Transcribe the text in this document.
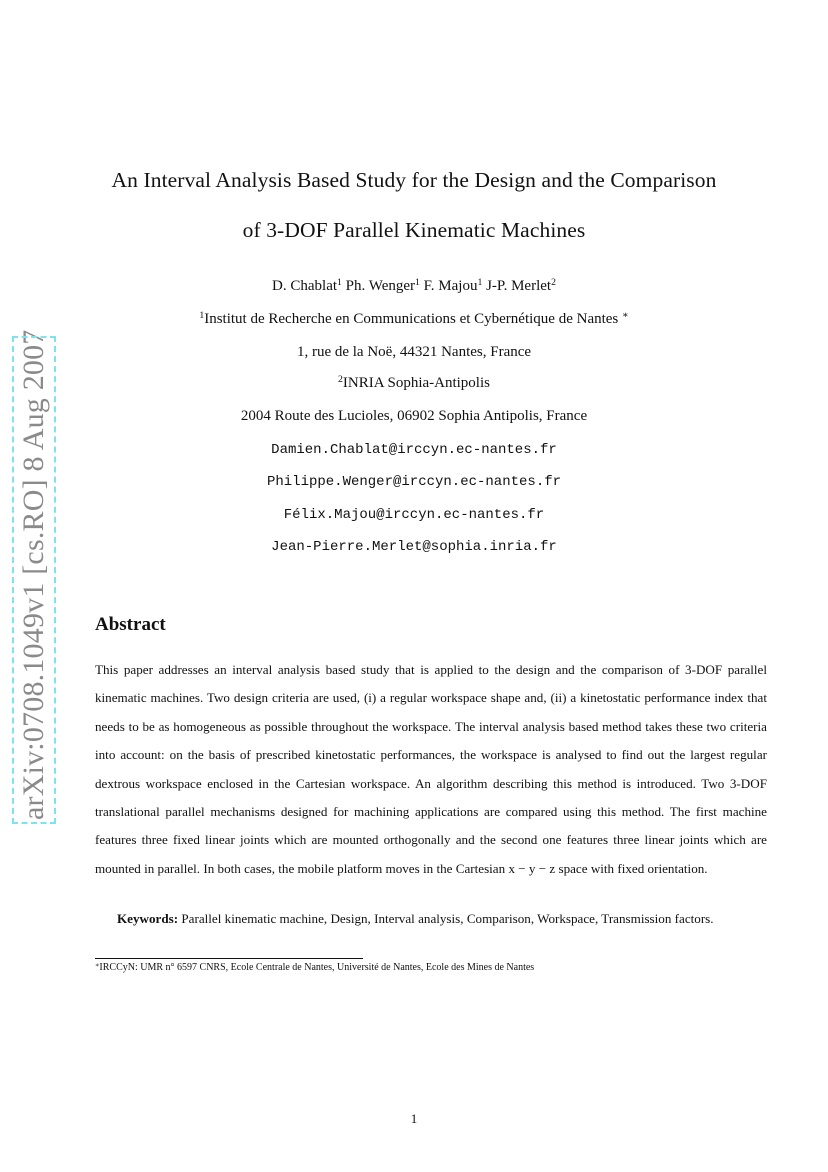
arXiv:0708.1049v1 [cs.RO] 8 Aug 2007
An Interval Analysis Based Study for the Design and the Comparison
of 3-DOF Parallel Kinematic Machines
D. Chablat$^1$ Ph. Wenger$^1$ F. Majou$^1$ J-P. Merlet$^2$
$^1$Institut de Recherche en Communications et Cybernétique de Nantes ∗
1, rue de la Noë, 44321 Nantes, France
$^2$INRIA Sophia-Antipolis
2004 Route des Lucioles, 06902 Sophia Antipolis, France
Damien.Chablat@irccyn.ec-nantes.fr
Philippe.Wenger@irccyn.ec-nantes.fr
Félix.Majou@irccyn.ec-nantes.fr
Jean-Pierre.Merlet@sophia.inria.fr
Abstract
This paper addresses an interval analysis based study that is applied to the design and the comparison of 3-DOF parallel kinematic machines. Two design criteria are used, (i) a regular workspace shape and, (ii) a kinetostatic performance index that needs to be as homogeneous as possible throughout the workspace. The interval analysis based method takes these two criteria into account: on the basis of prescribed kinetostatic performances, the workspace is analysed to find out the largest regular dextrous workspace enclosed in the Cartesian workspace. An algorithm describing this method is introduced. Two 3-DOF translational parallel mechanisms designed for machining applications are compared using this method. The first machine features three fixed linear joints which are mounted orthogonally and the second one features three linear joints which are mounted in parallel. In both cases, the mobile platform moves in the Cartesian x − y − z space with fixed orientation.
Keywords: Parallel kinematic machine, Design, Interval analysis, Comparison, Workspace, Transmission factors.
∗IRCCyN: UMR n° 6597 CNRS, Ecole Centrale de Nantes, Université de Nantes, Ecole des Mines de Nantes
1
